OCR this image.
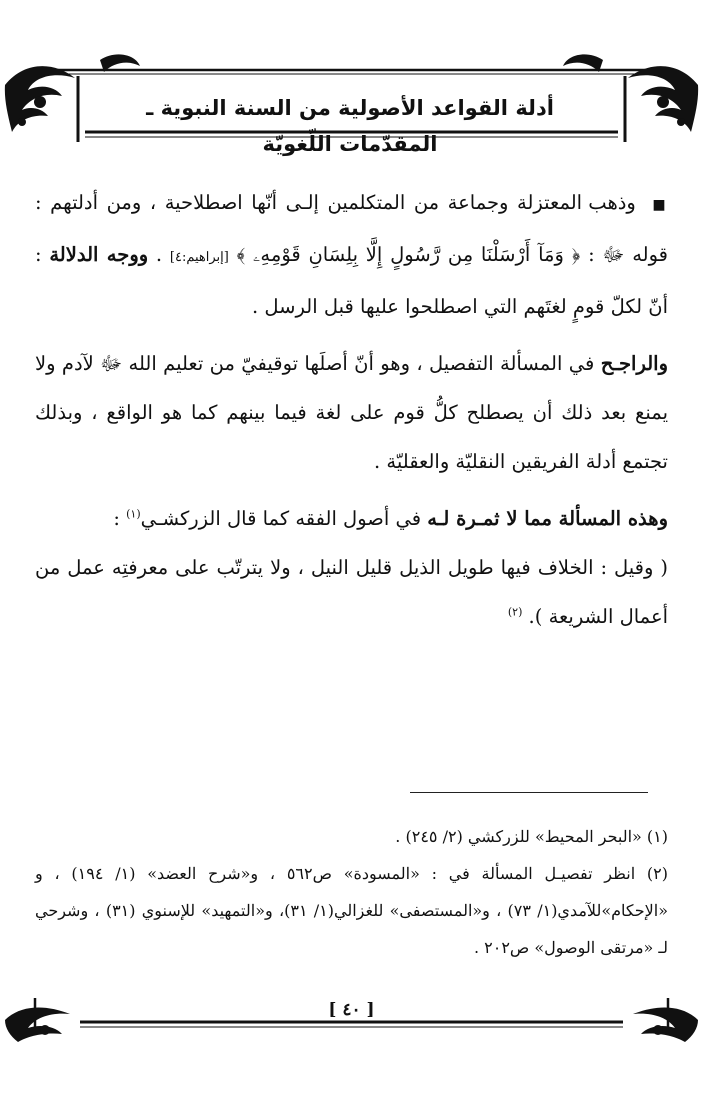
أدلة القواعد الأصولية من السنة النبوية ـ المقدّمات اللّغويّة

■ وذهب المعتزلة وجماعة من المتكلمين إلـى أنّها اصطلاحية ، ومن أدلتهم : قوله ﷻ : ﴿ وَمَآ أَرْسَلْنَا مِن رَّسُولٍ إِلَّا بِلِسَانِ قَوْمِهِۦ ﴾ [إبراهيم:٤] . ووجه الدلالة : أنّ لكلّ قومٍ لغتَهم التي اصطلحوا عليها قبل الرسل .

والراجـح في المسألة التفصيل ، وهو أنّ أصلَها توقيفيّ من تعليم الله ﷻ لآدم ولا يمنع بعد ذلك أن يصطلح كلُّ قوم على لغة فيما بينهم كما هو الواقع ، وبذلك تجتمع أدلة الفريقين النقليّة والعقليّة .

وهذه المسألة مما لا ثمـرة لـه في أصول الفقه كما قال الزركشـي$^{(١)}$ :

( وقيل : الخلاف فيها طويل الذيل قليل النيل ، ولا يترتّب على معرفتِه عمل من أعمال الشريعة ). $^{(٢)}$

(١) «البحر المحيط» للزركشي (٢/ ٢٤٥) .

(٢) انظر تفصيـل المسألة في : «المسودة» ص٥٦٢ ، و«شرح العضد» (١/ ١٩٤) ، و «الإحكام»للآمدي(١/ ٧٣) ، و«المستصفى» للغزالي(١/ ٣١)، و«التمهيد» للإسنوي (٣١) ، وشرحي لـ «مرتقى الوصول» ص٢٠٢ .

[ ٤٠ ]
